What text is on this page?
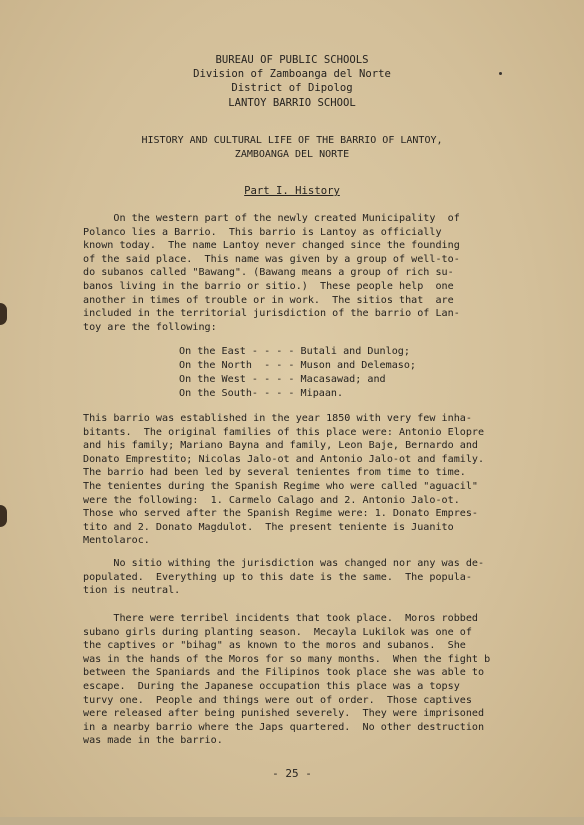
BUREAU OF PUBLIC SCHOOLS
Division of Zamboanga del Norte
District of Dipolog
LANTOY BARRIO SCHOOL
HISTORY AND CULTURAL LIFE OF THE BARRIO OF LANTOY,
ZAMBOANGA DEL NORTE
Part I. History
On the western part of the newly created Municipality  of
Polanco lies a Barrio.  This barrio is Lantoy as officially
known today.  The name Lantoy never changed since the founding
of the said place.  This name was given by a group of well-to-
do subanos called "Bawang". (Bawang means a group of rich su-
banos living in the barrio or sitio.)  These people help  one
another in times of trouble or in work.  The sitios that  are
included in the territorial jurisdiction of the barrio of Lan-
toy are the following:
On the East - - - - Butali and Dunlog;
On the North  - - - Muson and Delemaso;
On the West - - - - Macasawad; and
On the South- - - - Mipaan.
This barrio was established in the year 1850 with very few inha-
bitants.  The original families of this place were: Antonio Elopre
and his family; Mariano Bayna and family, Leon Baje, Bernardo and
Donato Emprestito; Nicolas Jalo-ot and Antonio Jalo-ot and family.
The barrio had been led by several tenientes from time to time.
The tenientes during the Spanish Regime who were called "aguacil"
were the following:  1. Carmelo Calago and 2. Antonio Jalo-ot.
Those who served after the Spanish Regime were: 1. Donato Empres-
tito and 2. Donato Magdulot.  The present teniente is Juanito
Mentolaroc.
No sitio withing the jurisdiction was changed nor any was de-
populated.  Everything up to this date is the same.  The popula-
tion is neutral.
There were terribel incidents that took place.  Moros robbed
subano girls during planting season.  Mecayla Lukilok was one of
the captives or "bihag" as known to the moros and subanos.  She
was in the hands of the Moros for so many months.  When the fight b
between the Spaniards and the Filipinos took place she was able to
escape.  During the Japanese occupation this place was a topsy
turvy one.  People and things were out of order.  Those captives
were released after being punished severely.  They were imprisoned
in a nearby barrio where the Japs quartered.  No other destruction
was made in the barrio.
- 25 -
